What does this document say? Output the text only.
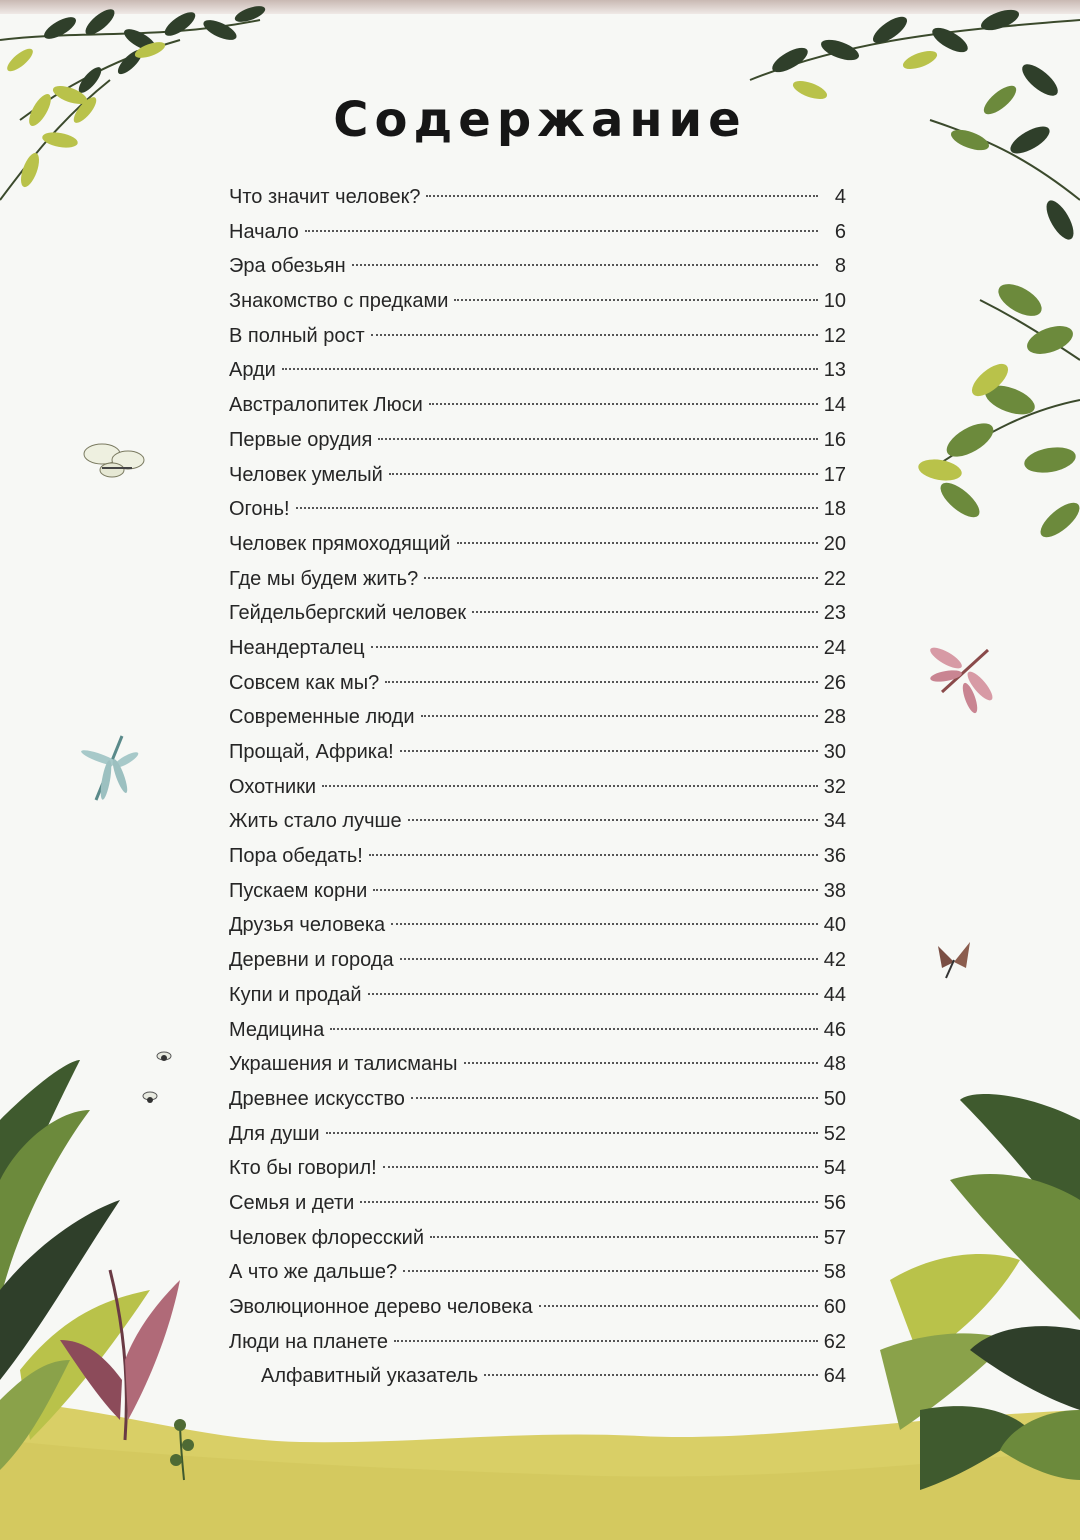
Содержание
Что значит человек?	4
Начало	6
Эра обезьян	8
Знакомство с предками	10
В полный рост	12
Арди	13
Австралопитек Люси	14
Первые орудия	16
Человек умелый	17
Огонь!	18
Человек прямоходящий	20
Где мы будем жить?	22
Гейдельбергский человек	23
Неандерталец	24
Совсем как мы?	26
Современные люди	28
Прощай, Африка!	30
Охотники	32
Жить стало лучше	34
Пора обедать!	36
Пускаем корни	38
Друзья человека	40
Деревни и города	42
Купи и продай	44
Медицина	46
Украшения и талисманы	48
Древнее искусство	50
Для души	52
Кто бы говорил!	54
Семья и дети	56
Человек флоресский	57
А что же дальше?	58
Эволюционное дерево человека	60
Люди на планете	62
Алфавитный указатель	64
